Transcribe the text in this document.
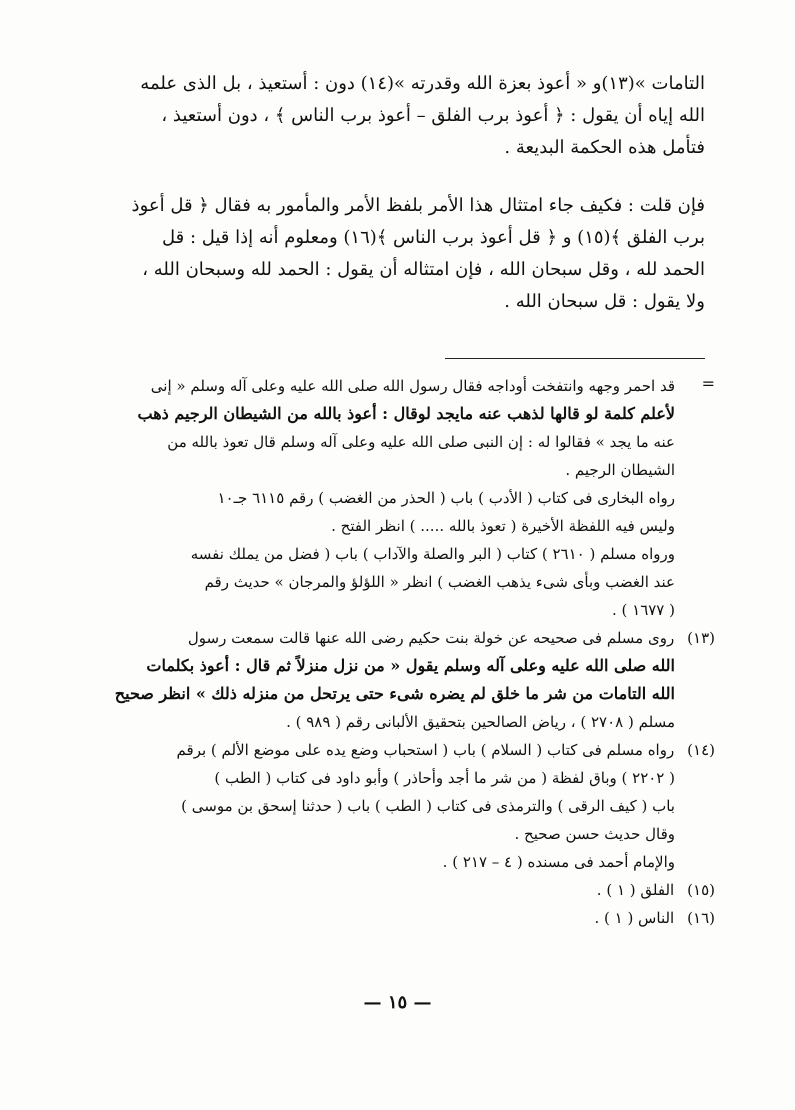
التامات »(١٣)و « أعوذ بعزة الله وقدرته »(١٤) دون : أستعيذ ، بل الذى علمه
الله إياه أن يقول : ﴿ أعوذ برب الفلق – أعوذ برب الناس ﴾ ، دون أستعيذ ،
فتأمل هذه الحكمة البديعة .
فإن قلت : فكيف جاء امتثال هذا الأمر بلفظ الأمر والمأمور به فقال ﴿ قل أعوذ
برب الفلق ﴾(١٥) و ﴿ قل أعوذ برب الناس ﴾(١٦) ومعلوم أنه إذا قيل : قل
الحمد لله ، وقل سبحان الله ، فإن امتثاله أن يقول : الحمد لله وسبحان الله ،
ولا يقول : قل سبحان الله .
=
قد احمر وجهه وانتفخت أوداجه فقال رسول الله صلى الله عليه وعلى آله وسلم « إنى
لأعلم كلمة لو قالها لذهب عنه مايجد لوقال : أعوذ بالله من الشيطان الرجيم ذهب
عنه ما يجد » فقالوا له : إن النبى صلى الله عليه وعلى آله وسلم قال تعوذ بالله من
الشيطان الرجيم .
رواه البخارى فى كتاب ( الأدب ) باب ( الحذر من الغضب ) رقم ٦١١٥ جـ١٠
وليس فيه اللفظة الأخيرة ( تعوذ بالله ..... ) انظر الفتح .
ورواه مسلم ( ٢٦١٠ ) كتاب ( البر والصلة والآداب ) باب ( فضل من يملك نفسه
عند الغضب وبأى شىء يذهب الغضب ) انظر « اللؤلؤ والمرجان » حديث رقم
( ١٦٧٧ ) .
(١٣) روى مسلم فى صحيحه عن خولة بنت حكيم رضى الله عنها قالت سمعت رسول
الله صلى الله عليه وعلى آله وسلم يقول « من نزل منزلاً ثم قال : أعوذ بكلمات
الله التامات من شر ما خلق لم يضره شىء حتى يرتحل من منزله ذلك » انظر صحيح
مسلم ( ٢٧٠٨ ) ، رياض الصالحين بتحقيق الألبانى رقم ( ٩٨٩ ) .
(١٤) رواه مسلم فى كتاب ( السلام ) باب ( استحباب وضع يده على موضع الألم ) برقم
( ٢٢٠٢ ) وباق لفظة ( من شر ما أجد وأحاذر ) وأبو داود فى كتاب ( الطب )
باب ( كيف الرقى ) والترمذى فى كتاب ( الطب ) باب ( حدثنا إسحق بن موسى )
وقال حديث حسن صحيح .
والإمام أحمد فى مسنده ( ٤ – ٢١٧ ) .
(١٥) الفلق ( ١ ) .
(١٦) الناس ( ١ ) .
— ١٥ —
